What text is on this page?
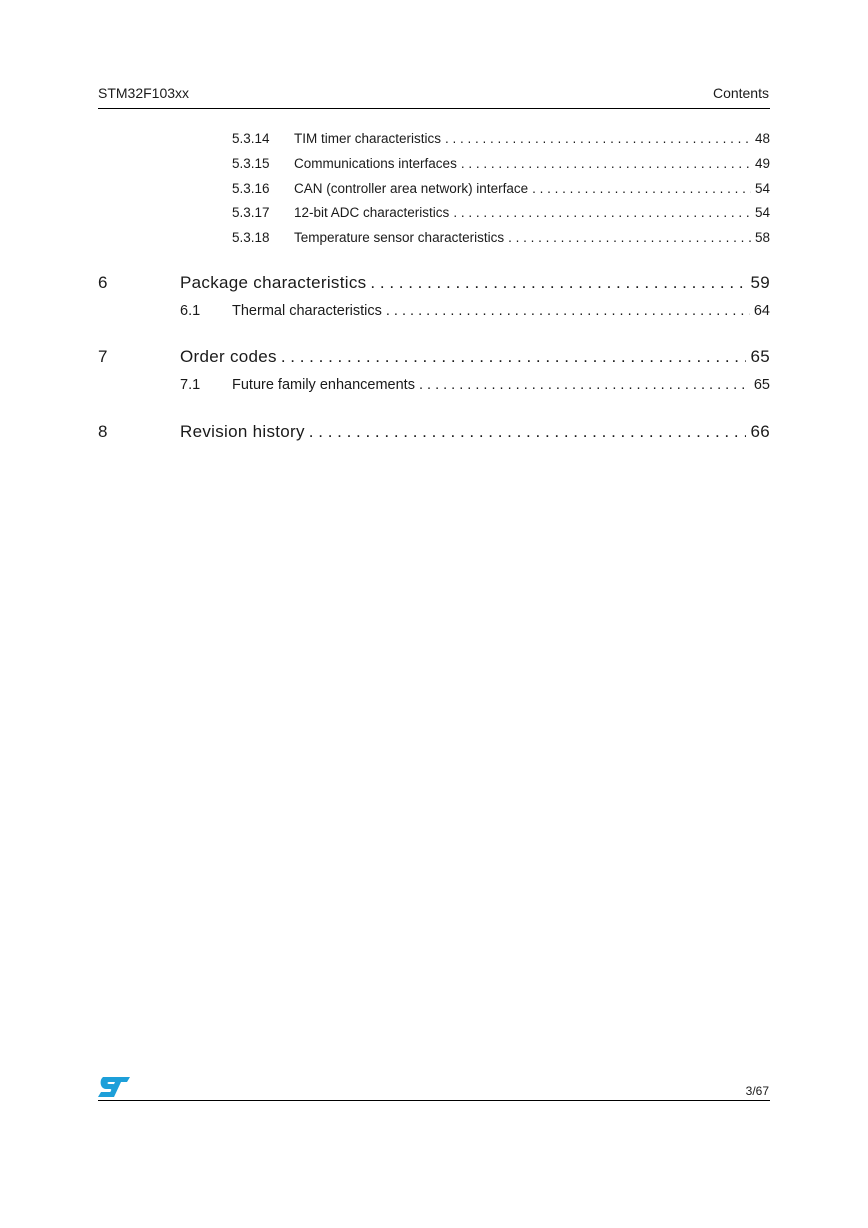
STM32F103xx	Contents
5.3.14	TIM timer characteristics . . .	48
5.3.15	Communications interfaces . . .	49
5.3.16	CAN (controller area network) interface . . .	54
5.3.17	12-bit ADC characteristics . . .	54
5.3.18	Temperature sensor characteristics . . .	58
6	Package characteristics . . .	59
6.1	Thermal characteristics . . .	64
7	Order codes . . .	65
7.1	Future family enhancements . . .	65
8	Revision history . . .	66
3/67
